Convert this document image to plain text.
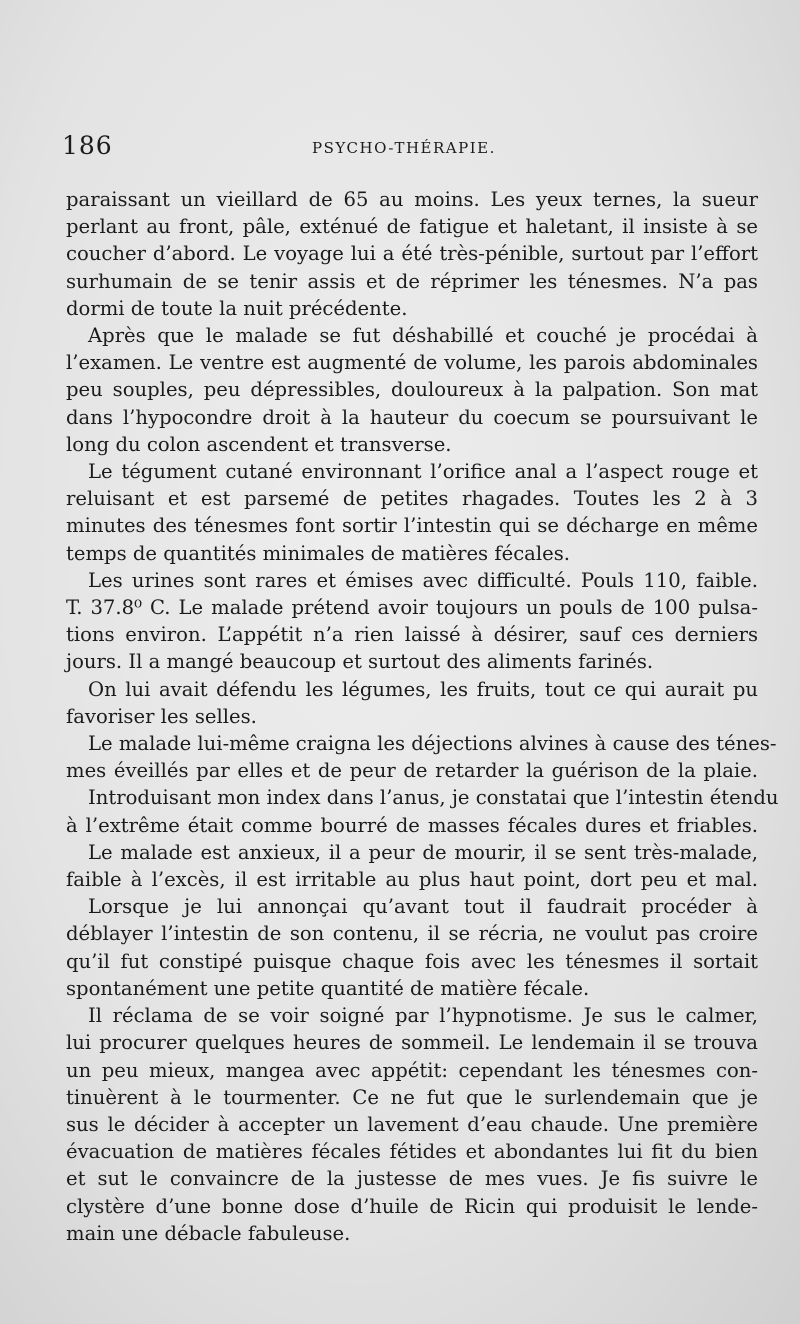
186	PSYCHO-THÉRAPIE.

paraissant un vieillard de 65 au moins. Les yeux ternes, la sueur
perlant au front, pâle, exténué de fatigue et haletant, il insiste à se
coucher d’abord. Le voyage lui a été très-pénible, surtout par l’effort
surhumain de se tenir assis et de réprimer les ténesmes. N’a pas
dormi de toute la nuit précédente.

Après que le malade se fut déshabillé et couché je procédai à
l’examen. Le ventre est augmenté de volume, les parois abdominales
peu souples, peu dépressibles, douloureux à la palpation. Son mat
dans l’hypocondre droit à la hauteur du coecum se poursuivant le
long du colon ascendent et transverse.

Le tégument cutané environnant l’orifice anal a l’aspect rouge et
reluisant et est parsemé de petites rhagades. Toutes les 2 à 3
minutes des ténesmes font sortir l’intestin qui se décharge en même
temps de quantités minimales de matières fécales.

Les urines sont rares et émises avec difficulté. Pouls 110, faible.
T. 37.8⁰ C. Le malade prétend avoir toujours un pouls de 100 pulsa-
tions environ. L’appétit n’a rien laissé à désirer, sauf ces derniers
jours. Il a mangé beaucoup et surtout des aliments farinés.

On lui avait défendu les légumes, les fruits, tout ce qui aurait pu
favoriser les selles.

Le malade lui-même craigna les déjections alvines à cause des ténes-
mes éveillés par elles et de peur de retarder la guérison de la plaie.

Introduisant mon index dans l’anus, je constatai que l’intestin étendu
à l’extrême était comme bourré de masses fécales dures et friables.

Le malade est anxieux, il a peur de mourir, il se sent très-malade,
faible à l’excès, il est irritable au plus haut point, dort peu et mal.

Lorsque je lui annonçai qu’avant tout il faudrait procéder à
déblayer l’intestin de son contenu, il se récria, ne voulut pas croire
qu’il fut constipé puisque chaque fois avec les ténesmes il sortait
spontanément une petite quantité de matière fécale.

Il réclama de se voir soigné par l’hypnotisme. Je sus le calmer,
lui procurer quelques heures de sommeil. Le lendemain il se trouva
un peu mieux, mangea avec appétit: cependant les ténesmes con-
tinuèrent à le tourmenter. Ce ne fut que le surlendemain que je
sus le décider à accepter un lavement d’eau chaude. Une première
évacuation de matières fécales fétides et abondantes lui fit du bien
et sut le convaincre de la justesse de mes vues. Je fis suivre le
clystère d’une bonne dose d’huile de Ricin qui produisit le lende-
main une débacle fabuleuse.
